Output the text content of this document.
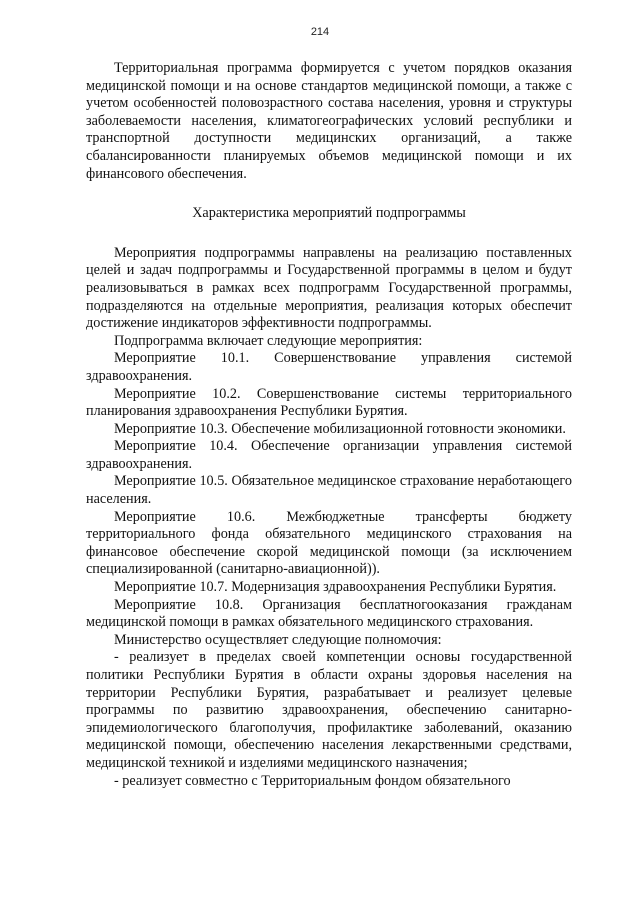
214

Территориальная программа формируется с учетом порядков оказания медицинской помощи и на основе стандартов медицинской помощи, а также с учетом особенностей половозрастного состава населения, уровня и структуры заболеваемости населения, климатогеографических условий республики и транспортной доступности медицинских организаций, а также сбалансированности планируемых объемов медицинской помощи и их финансового обеспечения.

Характеристика мероприятий подпрограммы

Мероприятия подпрограммы направлены на реализацию поставленных целей и задач подпрограммы и Государственной программы в целом и будут реализовываться в рамках всех подпрограмм Государственной программы, подразделяются на отдельные мероприятия, реализация которых обеспечит достижение индикаторов эффективности подпрограммы.

Подпрограмма включает следующие мероприятия:

Мероприятие 10.1. Совершенствование управления системой здравоохранения.

Мероприятие 10.2. Совершенствование системы территориального планирования здравоохранения Республики Бурятия.

Мероприятие 10.3. Обеспечение мобилизационной готовности экономики.

Мероприятие 10.4. Обеспечение организации управления системой здравоохранения.

Мероприятие 10.5. Обязательное медицинское страхование неработающего населения.

Мероприятие 10.6. Межбюджетные трансферты бюджету территориального фонда обязательного медицинского страхования на финансовое обеспечение скорой медицинской помощи (за исключением специализированной (санитарно-авиационной)).

Мероприятие 10.7. Модернизация здравоохранения Республики Бурятия.

Мероприятие 10.8. Организация бесплатногооказания гражданам медицинской помощи в рамках обязательного медицинского страхования.

Министерство осуществляет следующие полномочия:

- реализует в пределах своей компетенции основы государственной политики Республики Бурятия в области охраны здоровья населения на территории Республики Бурятия, разрабатывает и реализует целевые программы по развитию здравоохранения, обеспечению санитарно-эпидемиологического благополучия, профилактике заболеваний, оказанию медицинской помощи, обеспечению населения лекарственными средствами, медицинской техникой и изделиями медицинского назначения;

- реализует совместно с Территориальным фондом обязательного
